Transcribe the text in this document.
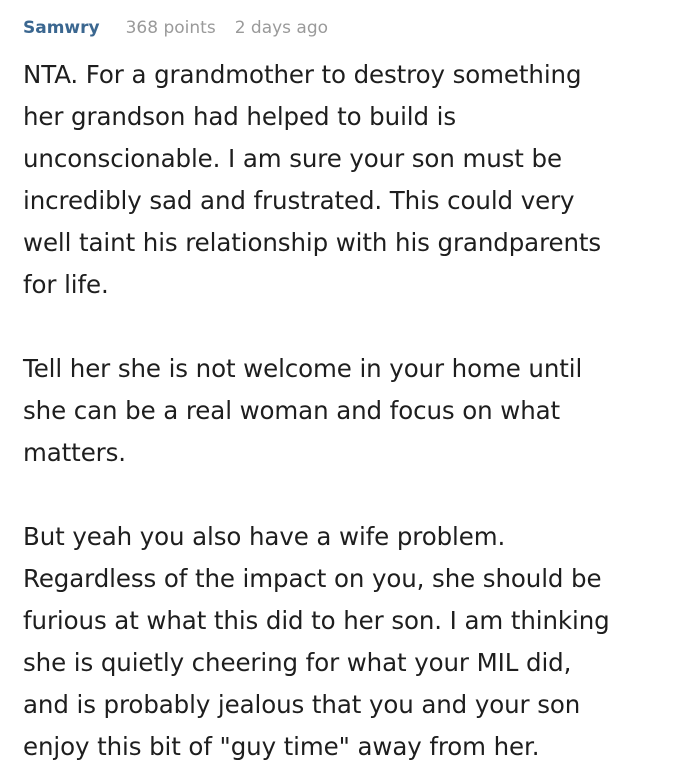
Samwry 368 points 2 days ago
NTA. For a grandmother to destroy something
her grandson had helped to build is
unconscionable. I am sure your son must be
incredibly sad and frustrated. This could very
well taint his relationship with his grandparents
for life.
Tell her she is not welcome in your home until
she can be a real woman and focus on what
matters.
But yeah you also have a wife problem.
Regardless of the impact on you, she should be
furious at what this did to her son. I am thinking
she is quietly cheering for what your MIL did,
and is probably jealous that you and your son
enjoy this bit of "guy time" away from her.
